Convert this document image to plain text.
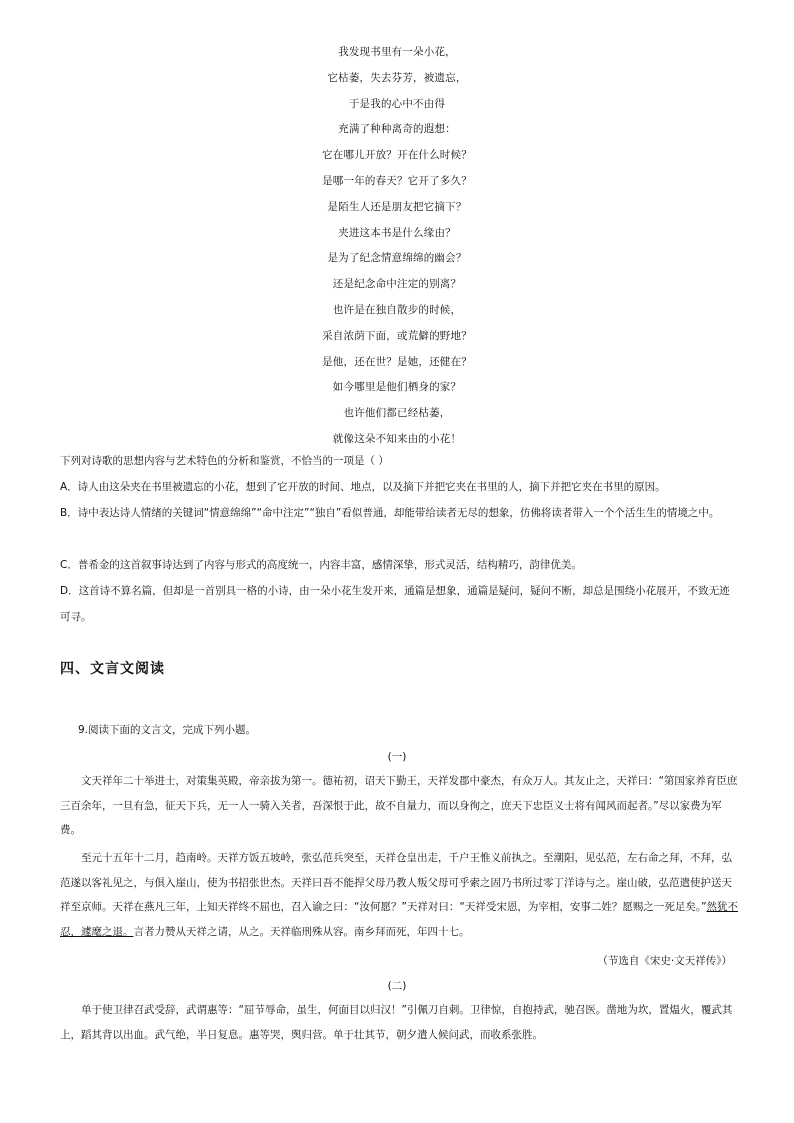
我发现书里有一朵小花，
它枯萎，失去芬芳，被遗忘，
于是我的心中不由得
充满了种种离奇的遐想：
它在哪儿开放？开在什么时候？
是哪一年的春天？它开了多久？
是陌生人还是朋友把它摘下？
夹进这本书是什么缘由？
是为了纪念情意绵绵的幽会？
还是纪念命中注定的别离？
也许是在独自散步的时候，
采自浓荫下面，或荒僻的野地？
是他，还在世？是她，还健在？
如今哪里是他们栖身的家？
也许他们都已经枯萎，
就像这朵不知来由的小花！
下列对诗歌的思想内容与艺术特色的分析和鉴赏，不恰当的一项是（ ）
A．诗人由这朵夹在书里被遗忘的小花，想到了它开放的时间、地点，以及摘下并把它夹在书里的人，摘下并把它夹在书里的原因。
B．诗中表达诗人情绪的关键词“情意绵绵”“命中注定”“独自”看似普通，却能带给读者无尽的想象，仿佛将读者带入一个个活生生的情境之中。
C．普希金的这首叙事诗达到了内容与形式的高度统一，内容丰富，感情深挚，形式灵活，结构精巧，韵律优美。
D．这首诗不算名篇，但却是一首别具一格的小诗，由一朵小花生发开来，通篇是想象，通篇是疑问，疑问不断，却总是围绕小花展开，不致无迹可寻。
四、文言文阅读
9.阅读下面的文言文，完成下列小题。
(一)
文天祥年二十举进士，对策集英殿，帝亲拔为第一。德祐初，诏天下勤王，天祥发郡中豪杰，有众万人。其友止之，天祥曰：“第国家养育臣庶三百余年，一旦有急，征天下兵，无一人一骑入关者，吾深恨于此，故不自量力，而以身徇之，庶天下忠臣义士将有闻风而起者。”尽以家费为军费。
至元十五年十二月，趋南岭。天祥方饭五坡岭，张弘范兵突至，天祥仓皇出走，千户王惟义前执之。至潮阳，见弘范，左右命之拜，不拜，弘范遂以客礼见之，与俱入崖山，使为书招张世杰。天祥曰吾不能捍父母乃教人叛父母可乎索之固乃书所过零丁洋诗与之。崖山破，弘范遣使护送天祥至京师。天祥在燕凡三年，上知天祥终不屈也，召入谕之曰：“汝何愿？”天祥对曰：“天祥受宋恩，为宰相，安事二姓？愿赐之一死足矣。”然犹不忍，遽麾之退。言者力赞从天祥之请，从之。天祥临刑殊从容。南乡拜而死，年四十七。
（节选自《宋史·文天祥传》）
(二)
单于使卫律召武受辞，武谓惠等：“屈节辱命，虽生，何面目以归汉！”引佩刀自刺。卫律惊，自抱持武，驰召医。凿地为坎，置煴火，覆武其上，蹈其背以出血。武气绝，半日复息。惠等哭，舆归营。单于壮其节，朝夕遣人候问武，而收系张胜。
